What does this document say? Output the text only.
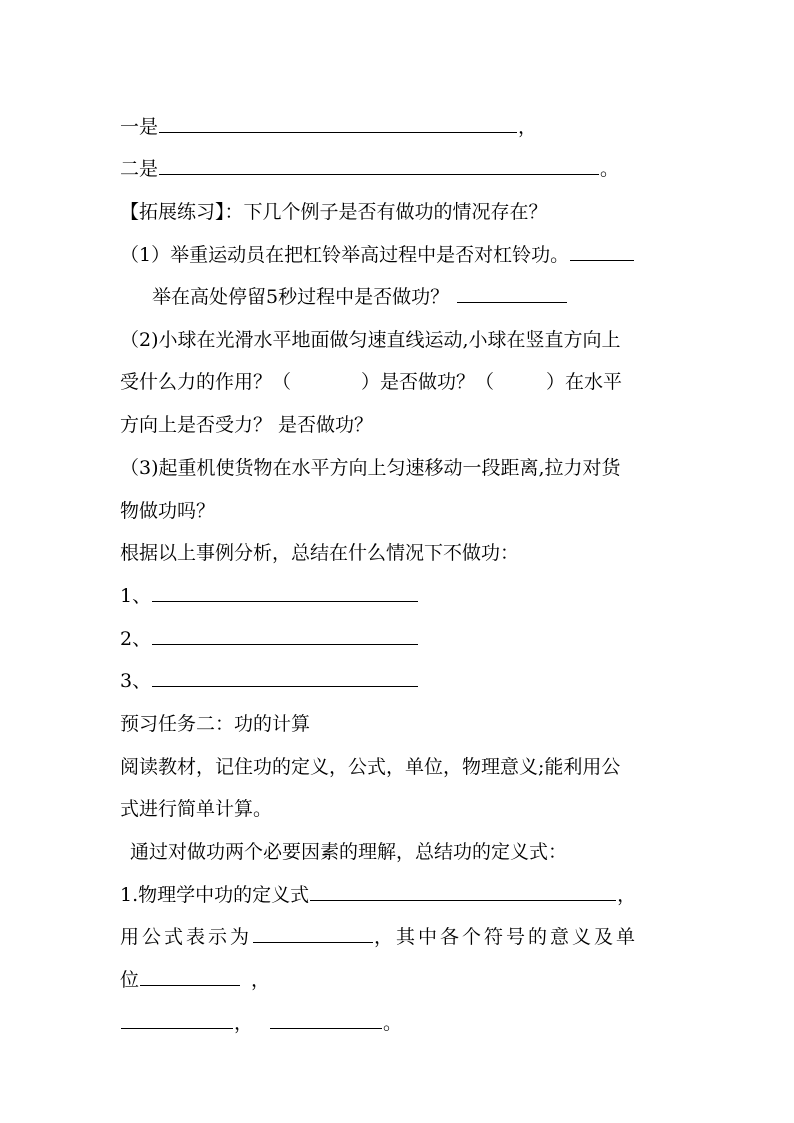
一是	，
二是	。
【拓展练习】：下几个例子是否有做功的情况存在？
（1）举重运动员在把杠铃举高过程中是否对杠铃功。
举在高处停留5秒过程中是否做功？
（2)小球在光滑水平地面做匀速直线运动,小球在竖直方向上
受什么力的作用？（	）是否做功？（	）在水平
方向上是否受力？ 是否做功？
（3)起重机使货物在水平方向上匀速移动一段距离,拉力对货
物做功吗？
根据以上事例分析，总结在什么情况下不做功：
1、
2、
3、
预习任务二：功的计算
阅读教材，记住功的定义，公式，单位，物理意义;能利用公
式进行简单计算。
通过对做功两个必要因素的理解，总结功的定义式：
1.物理学中功的定义式	，
用公式表示为	，其中各个符号的意义及单
位	，
，	。
